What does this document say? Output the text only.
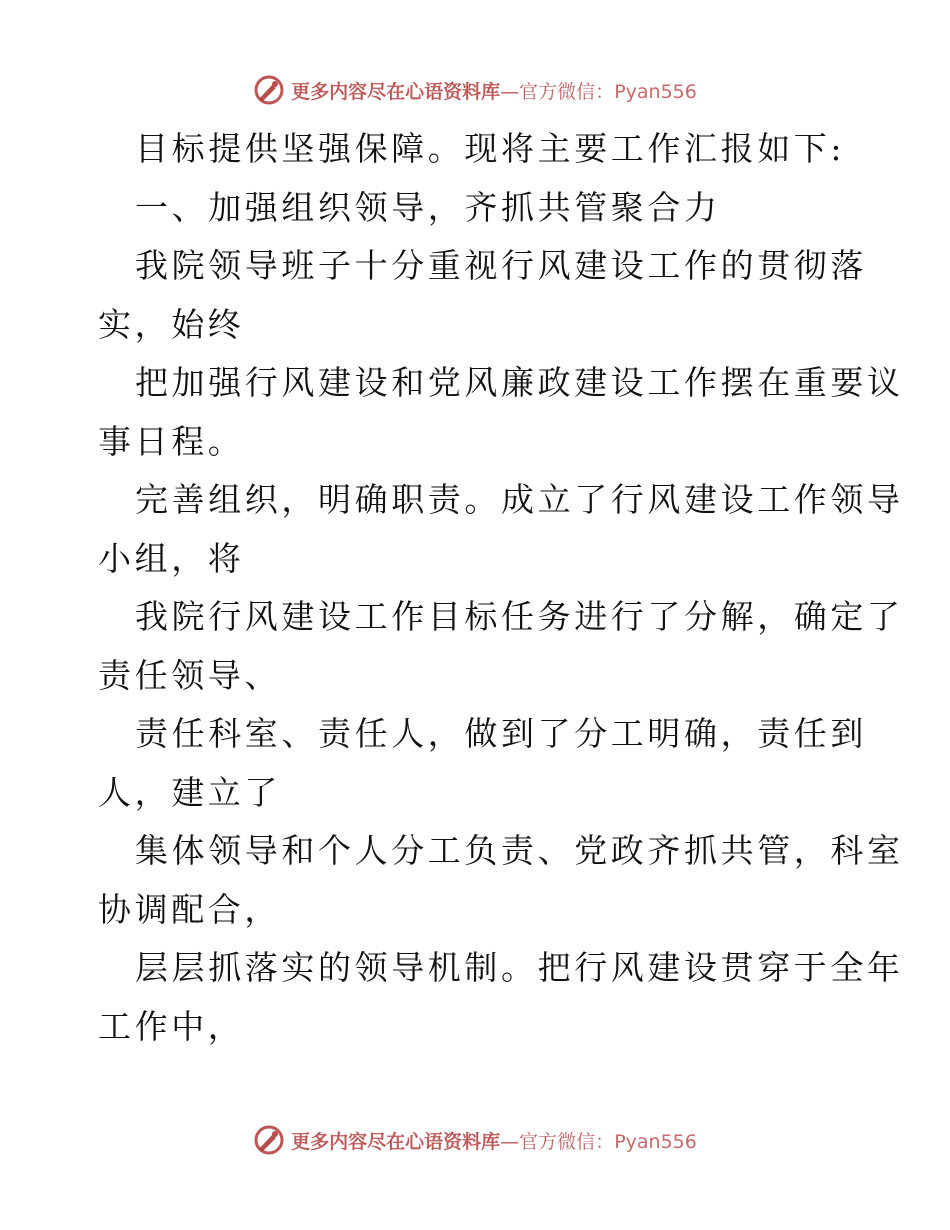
更多内容尽在心语资料库 — 官方微信： Pyan556
目标提供坚强保障。现将主要工作汇报如下:
一、加强组织领导，齐抓共管聚合力
我院领导班子十分重视行风建设工作的贯彻落
实，始终
把加强行风建设和党风廉政建设工作摆在重要议
事日程。
完善组织，明确职责。成立了行风建设工作领导
小组，将
我院行风建设工作目标任务进行了分解，确定了
责任领导、
责任科室、责任人，做到了分工明确，责任到
人，建立了
集体领导和个人分工负责、党政齐抓共管，科室
协调配合，
层层抓落实的领导机制。把行风建设贯穿于全年
工作中，
更多内容尽在心语资料库 — 官方微信： Pyan556
